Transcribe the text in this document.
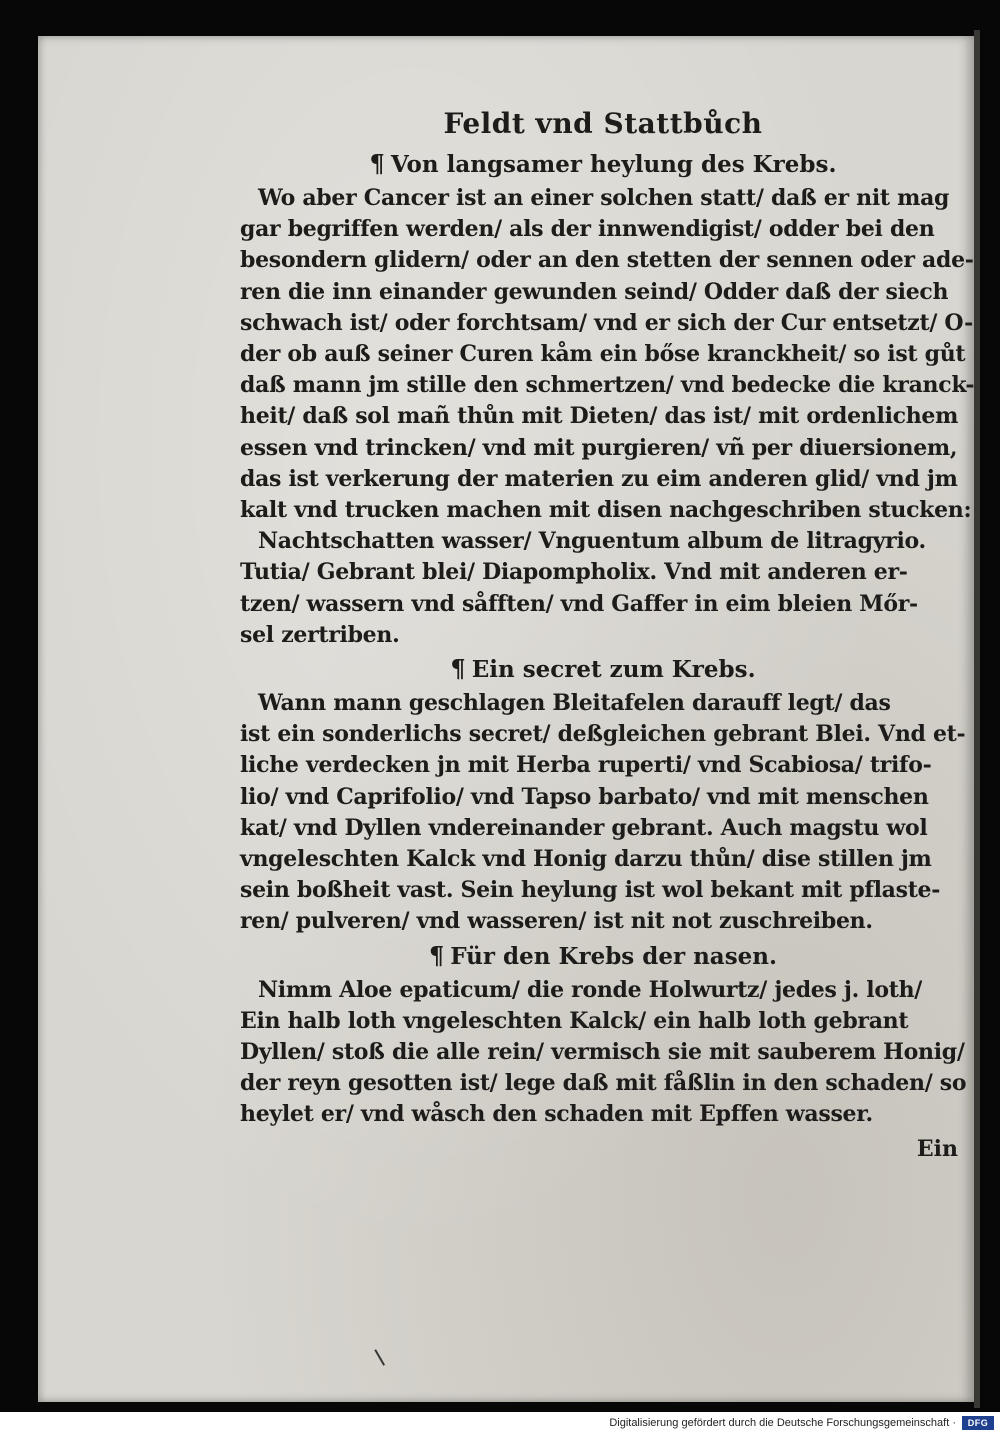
Feldt vnd Stattbůch
¶ Von langsamer heylung des Krebs.
Wo aber Cancer ist an einer solchen statt/ daß er nit mag
gar begriffen werden/ als der innwendigist/ odder bei den
besondern glidern/ oder an den stetten der sennen oder ade-
ren die inn einander gewunden seind/ Odder daß der siech
schwach ist/ oder forchtsam/ vnd er sich der Cur entsetzt/ O-
der ob auß seiner Curen kåm ein bőse kranckheit/ so ist gůt
daß mann jm stille den schmertzen/ vnd bedecke die kranck-
heit/ daß sol mañ thůn mit Dieten/ das ist/ mit ordenlichem
essen vnd trincken/ vnd mit purgieren/ vñ per diuersionem,
das ist verkerung der materien zu eim anderen glid/ vnd jm
kalt vnd trucken machen mit disen nachgeschriben stucken:
Nachtschatten wasser/ Vnguentum album de litragyrio.
Tutia/ Gebrant blei/ Diapompholix. Vnd mit anderen er-
tzen/ wassern vnd såfften/ vnd Gaffer in eim bleien Mőr-
sel zertriben.
¶ Ein secret zum Krebs.
Wann mann geschlagen Bleitafelen darauff legt/ das
ist ein sonderlichs secret/ deßgleichen gebrant Blei. Vnd et-
liche verdecken jn mit Herba ruperti/ vnd Scabiosa/ trifo-
lio/ vnd Caprifolio/ vnd Tapso barbato/ vnd mit menschen
kat/ vnd Dyllen vndereinander gebrant. Auch magstu wol
vngeleschten Kalck vnd Honig darzu thůn/ dise stillen jm
sein boßheit vast. Sein heylung ist wol bekant mit pflaste-
ren/ pulveren/ vnd wasseren/ ist nit not zuschreiben.
¶ Für den Krebs der nasen.
Nimm Aloe epaticum/ die ronde Holwurtz/ jedes j. loth/
Ein halb loth vngeleschten Kalck/ ein halb loth gebrant
Dyllen/ stoß die alle rein/ vermisch sie mit sauberem Honig/
der reyn gesotten ist/ lege daß mit fåßlin in den schaden/ so
heylet er/ vnd wåsch den schaden mit Epffen wasser.
Ein
Digitalisierung gefördert durch die Deutsche Forschungsgemeinschaft ·	DFG
